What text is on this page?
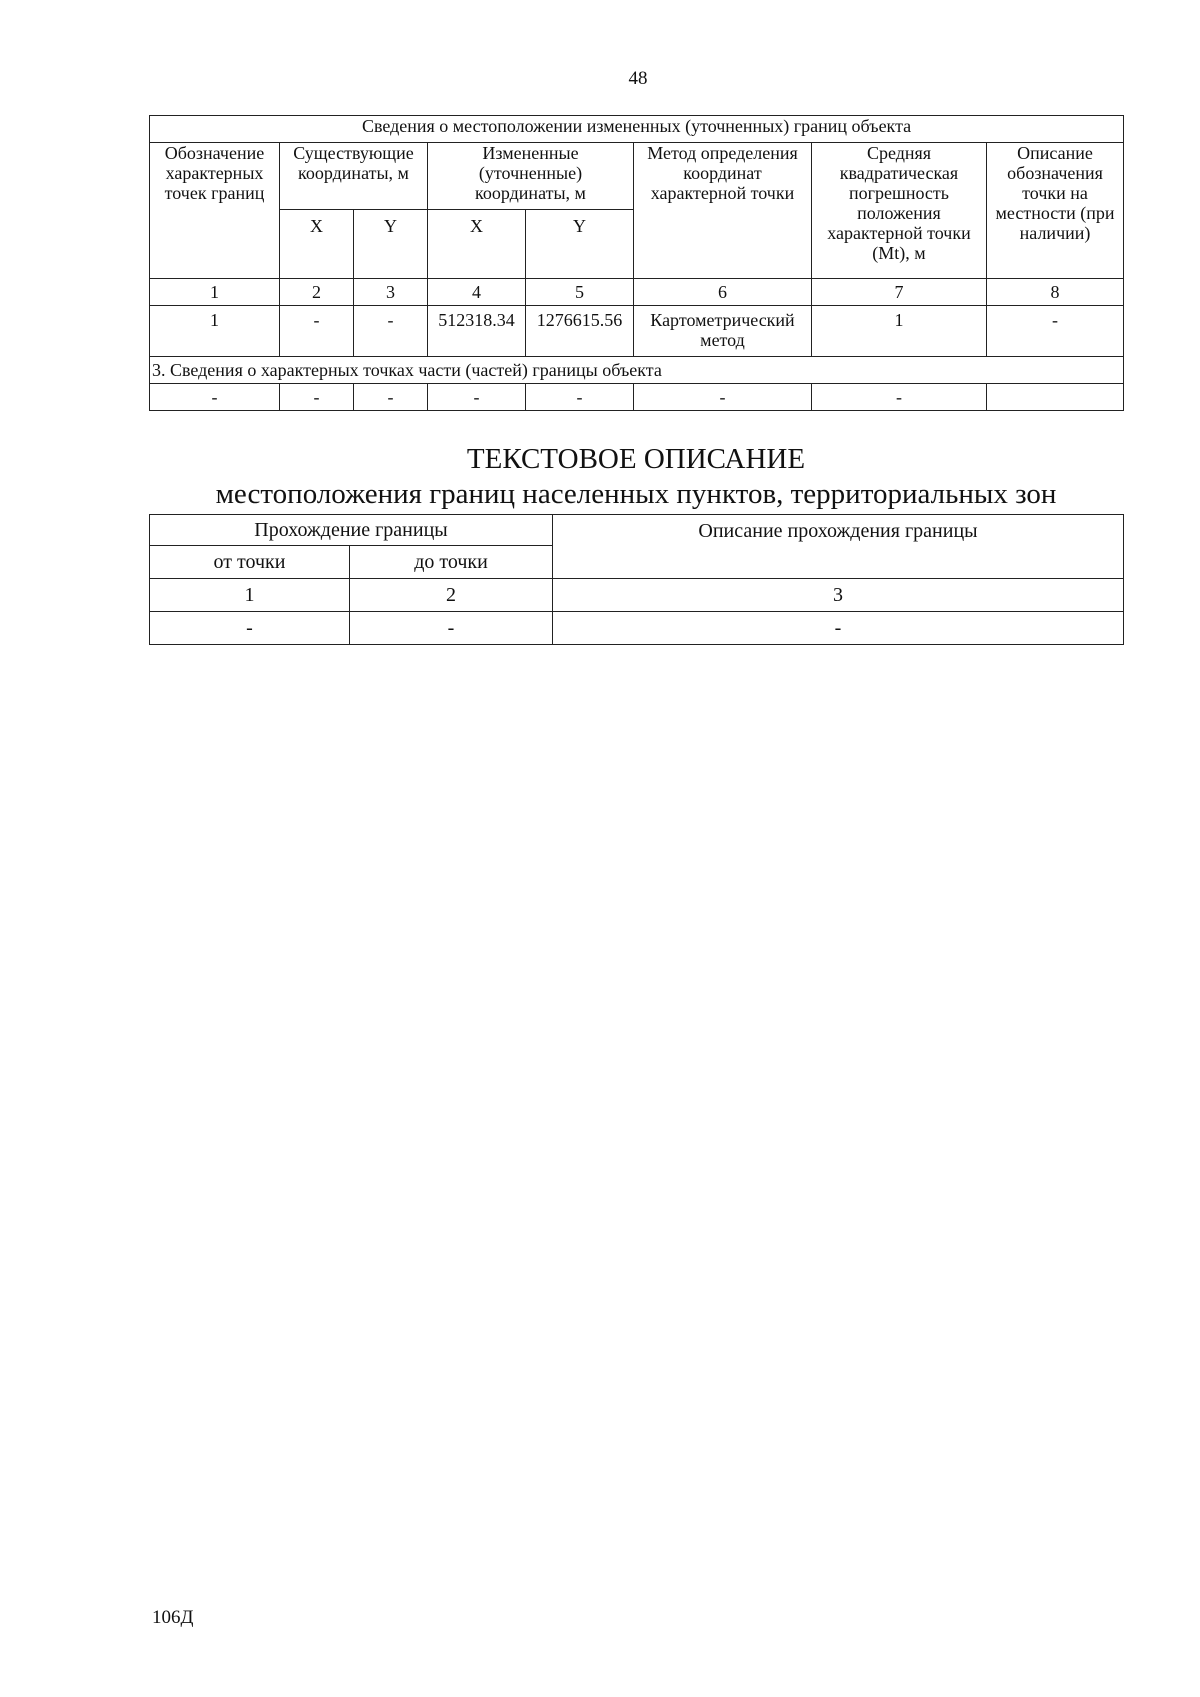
48
Сведения о местоположении измененных (уточненных) границ объекта							
Обозначение характерных точек границ	Существующие координаты, м		Измененные (уточненные) координаты, м		Метод определения координат характерной точки	Средняя квадратическая погрешность положения характерной точки (Mt), м	Описание обозначения точки на местности (при наличии)
	X	Y	X	Y			
1	2	3	4	5	6	7	8
1	-	-	512318.34	1276615.56	Картометрический метод	1	-
3. Сведения о характерных точках части (частей) границы объекта							
-	-	-	-	-	-	-	
ТЕКСТОВОЕ ОПИСАНИЕ
местоположения границ населенных пунктов, территориальных зон
Прохождение границы		Описание прохождения границы
от точки	до точки	
1	2	3
-	-	-
106Д
